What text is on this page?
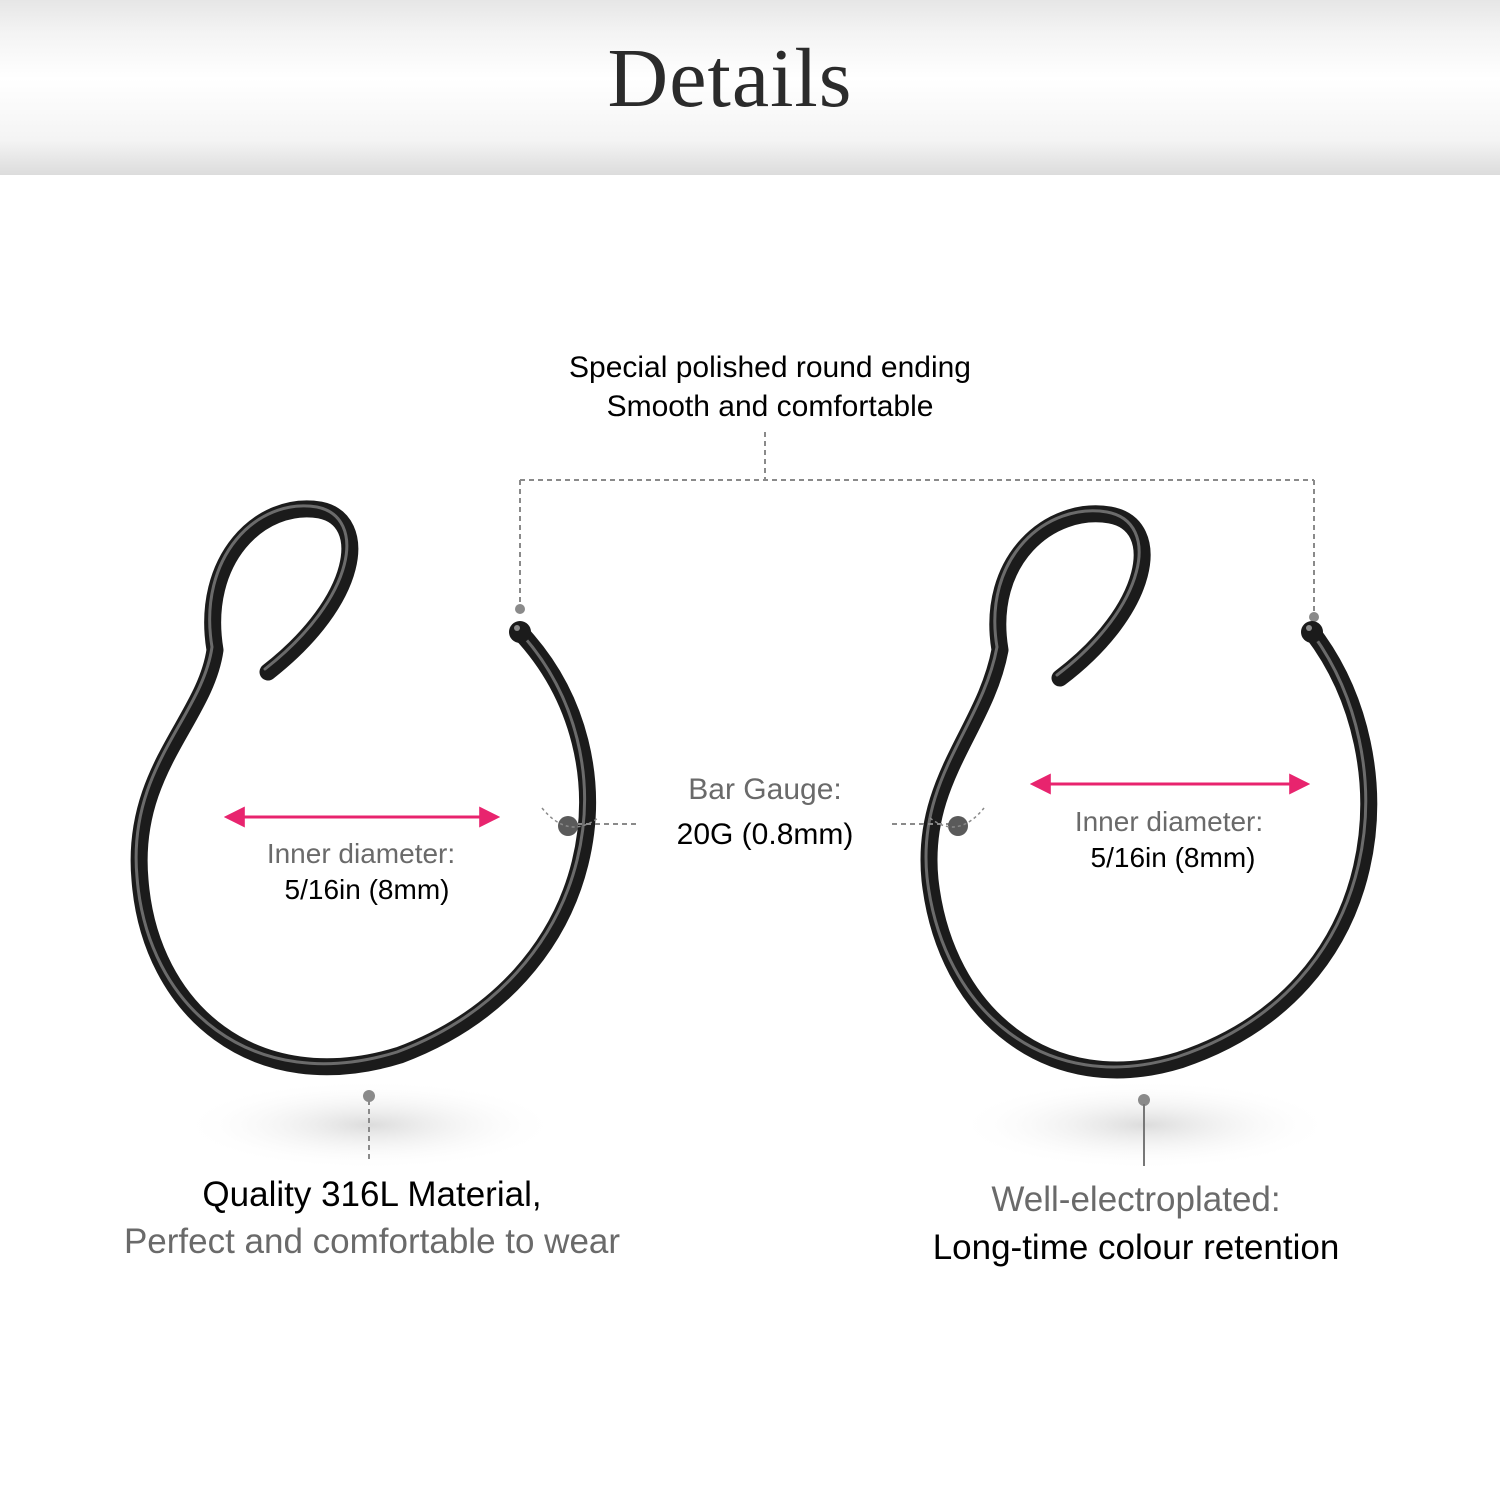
Details
Special polished round ending
Smooth and comfortable
Bar Gauge:
20G (0.8mm)
Inner diameter:
5/16in (8mm)
Inner diameter:
5/16in (8mm)
Quality 316L Material,
Perfect and comfortable to wear
Well-electroplated:
Long-time colour retention
